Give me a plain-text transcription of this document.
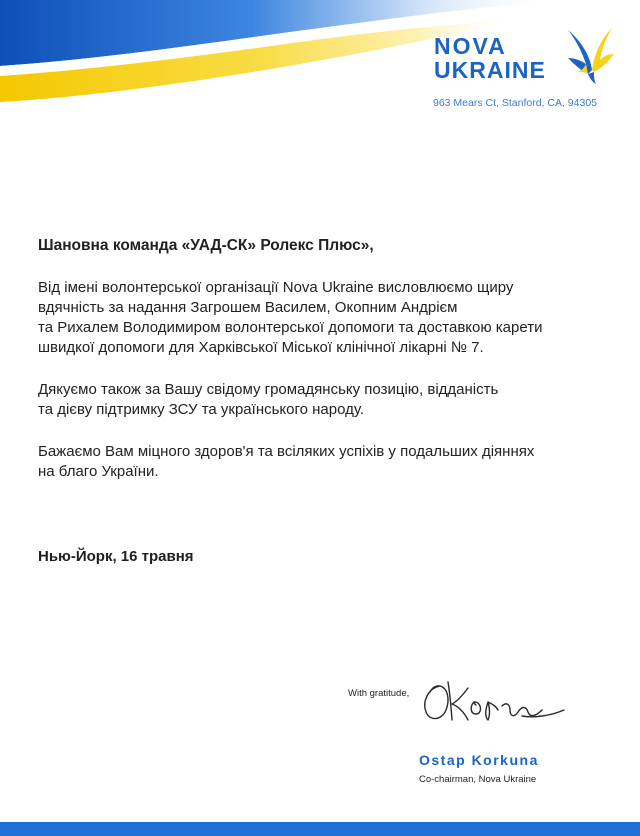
NOVA
UKRAINE
963 Mears Ct, Stanford, CA, 94305
Шановна команда «УАД-СК» Ролекс Плюс»,
Від імені волонтерської організації Nova Ukraine висловлюємо щиру
вдячність за надання Загрошем Василем, Окопним Андрієм
та Рихалем Володимиром волонтерської допомоги та доставкою карети
швидкої допомоги для Харківської Міської клінічної лікарні № 7.
Дякуємо також за Вашу свідому громадянську позицію, відданість
та дієву підтримку ЗСУ та українського народу.
Бажаємо Вам міцного здоров'я та всіляких успіхів у подальших діяннях
на благо України.
Нью-Йорк, 16 травня
With gratitude,
Ostap Korkuna
Co-chairman, Nova Ukraine
